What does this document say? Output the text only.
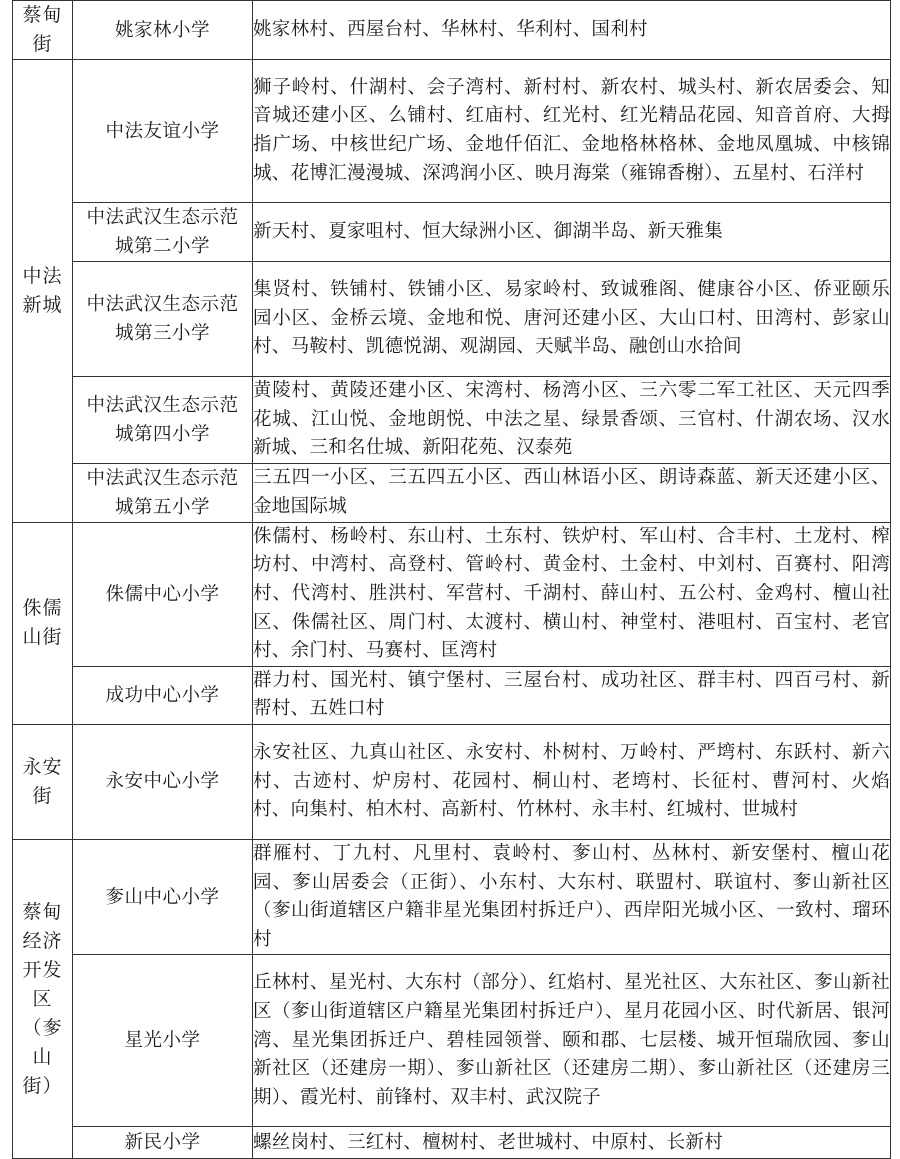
蔡甸街	姚家林小学	姚家林村、西屋台村、华林村、华利村、国利村
中法新城	中法友谊小学	狮子岭村、什湖村、会子湾村、新村村、新农村、城头村、新农居委会、知音城还建小区、么铺村、红庙村、红光村、红光精品花园、知音首府、大拇指广场、中核世纪广场、金地仟佰汇、金地格林格林、金地凤凰城、中核锦城、花博汇漫漫城、深鸿润小区、映月海棠（雍锦香榭）、五星村、石洋村
	中法武汉生态示范城第二小学	新天村、夏家咀村、恒大绿洲小区、御湖半岛、新天雅集
	中法武汉生态示范城第三小学	集贤村、铁铺村、铁铺小区、易家岭村、致诚雅阁、健康谷小区、侨亚颐乐园小区、金桥云境、金地和悦、唐河还建小区、大山口村、田湾村、彭家山村、马鞍村、凯德悦湖、观湖园、天赋半岛、融创山水拾间
	中法武汉生态示范城第四小学	黄陵村、黄陵还建小区、宋湾村、杨湾小区、三六零二军工社区、天元四季花城、江山悦、金地朗悦、中法之星、绿景香颂、三官村、什湖农场、汉水新城、三和名仕城、新阳花苑、汉泰苑
	中法武汉生态示范城第五小学	三五四一小区、三五四五小区、西山林语小区、朗诗森蓝、新天还建小区、金地国际城
侏儒山街	侏儒中心小学	侏儒村、杨岭村、东山村、土东村、铁炉村、军山村、合丰村、土龙村、榨坊村、中湾村、高登村、管岭村、黄金村、土金村、中刘村、百赛村、阳湾村、代湾村、胜洪村、军营村、千湖村、薛山村、五公村、金鸡村、檀山社区、侏儒社区、周门村、太渡村、横山村、神堂村、港咀村、百宝村、老官村、余门村、马赛村、匡湾村
	成功中心小学	群力村、国光村、镇宁堡村、三屋台村、成功社区、群丰村、四百弓村、新帮村、五姓口村
永安街	永安中心小学	永安社区、九真山社区、永安村、朴树村、万岭村、严塆村、东跃村、新六村、古迹村、炉房村、花园村、桐山村、老塆村、长征村、曹河村、火焰村、向集村、柏木村、高新村、竹林村、永丰村、红城村、世城村
蔡甸经济开发区（奓山街）	奓山中心小学	群雁村、丁九村、凡里村、袁岭村、奓山村、丛林村、新安堡村、檀山花园、奓山居委会（正街）、小东村、大东村、联盟村、联谊村、奓山新社区（奓山街道辖区户籍非星光集团村拆迁户）、西岸阳光城小区、一致村、瑠环村
	星光小学	丘林村、星光村、大东村（部分）、红焰村、星光社区、大东社区、奓山新社区（奓山街道辖区户籍星光集团村拆迁户）、星月花园小区、时代新居、银河湾、星光集团拆迁户、碧桂园领誉、颐和郡、七层楼、城开恒瑞欣园、奓山新社区（还建房一期）、奓山新社区（还建房二期）、奓山新社区（还建房三期）、霞光村、前锋村、双丰村、武汉院子
	新民小学	螺丝岗村、三红村、檀树村、老世城村、中原村、长新村
